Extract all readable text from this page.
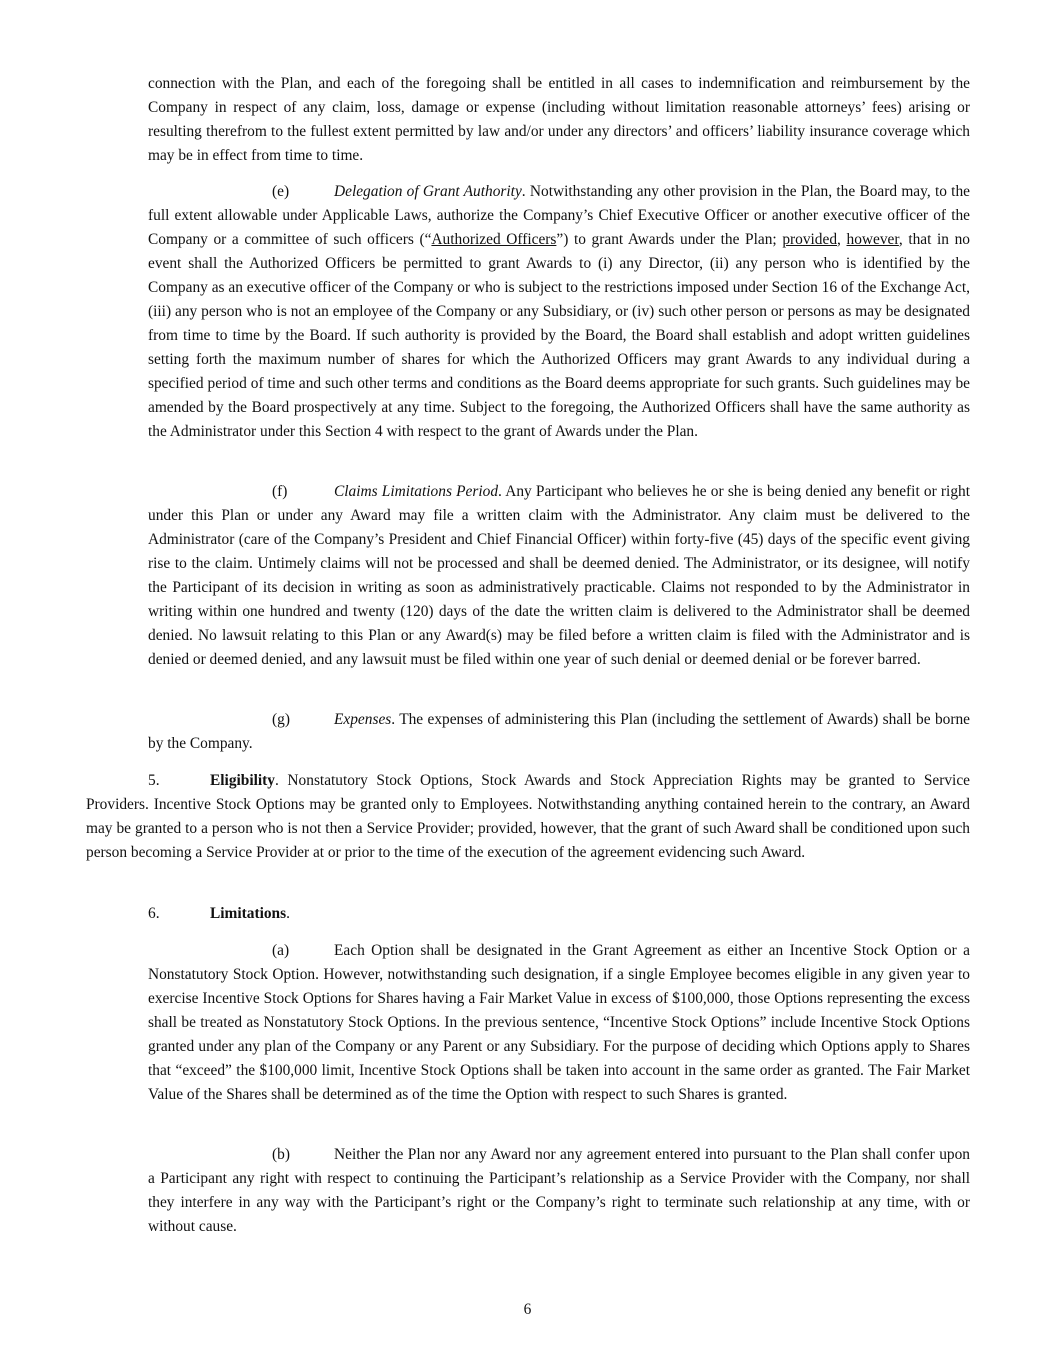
connection with the Plan, and each of the foregoing shall be entitled in all cases to indemnification and reimbursement by the Company in respect of any claim, loss, damage or expense (including without limitation reasonable attorneys’ fees) arising or resulting therefrom to the fullest extent permitted by law and/or under any directors’ and officers’ liability insurance coverage which may be in effect from time to time.

(e)	Delegation of Grant Authority. Notwithstanding any other provision in the Plan, the Board may, to the full extent allowable under Applicable Laws, authorize the Company’s Chief Executive Officer or another executive officer of the Company or a committee of such officers (“Authorized Officers”) to grant Awards under the Plan; provided, however, that in no event shall the Authorized Officers be permitted to grant Awards to (i) any Director, (ii) any person who is identified by the Company as an executive officer of the Company or who is subject to the restrictions imposed under Section 16 of the Exchange Act, (iii) any person who is not an employee of the Company or any Subsidiary, or (iv) such other person or persons as may be designated from time to time by the Board. If such authority is provided by the Board, the Board shall establish and adopt written guidelines setting forth the maximum number of shares for which the Authorized Officers may grant Awards to any individual during a specified period of time and such other terms and conditions as the Board deems appropriate for such grants. Such guidelines may be amended by the Board prospectively at any time. Subject to the foregoing, the Authorized Officers shall have the same authority as the Administrator under this Section 4 with respect to the grant of Awards under the Plan.

(f)	Claims Limitations Period. Any Participant who believes he or she is being denied any benefit or right under this Plan or under any Award may file a written claim with the Administrator. Any claim must be delivered to the Administrator (care of the Company’s President and Chief Financial Officer) within forty-five (45) days of the specific event giving rise to the claim. Untimely claims will not be processed and shall be deemed denied. The Administrator, or its designee, will notify the Participant of its decision in writing as soon as administratively practicable. Claims not responded to by the Administrator in writing within one hundred and twenty (120) days of the date the written claim is delivered to the Administrator shall be deemed denied. No lawsuit relating to this Plan or any Award(s) may be filed before a written claim is filed with the Administrator and is denied or deemed denied, and any lawsuit must be filed within one year of such denial or deemed denial or be forever barred.

(g)	Expenses. The expenses of administering this Plan (including the settlement of Awards) shall be borne by the Company.

5.	Eligibility. Nonstatutory Stock Options, Stock Awards and Stock Appreciation Rights may be granted to Service Providers. Incentive Stock Options may be granted only to Employees. Notwithstanding anything contained herein to the contrary, an Award may be granted to a person who is not then a Service Provider; provided, however, that the grant of such Award shall be conditioned upon such person becoming a Service Provider at or prior to the time of the execution of the agreement evidencing such Award.

6.	Limitations.

(a)	Each Option shall be designated in the Grant Agreement as either an Incentive Stock Option or a Nonstatutory Stock Option. However, notwithstanding such designation, if a single Employee becomes eligible in any given year to exercise Incentive Stock Options for Shares having a Fair Market Value in excess of $100,000, those Options representing the excess shall be treated as Nonstatutory Stock Options. In the previous sentence, “Incentive Stock Options” include Incentive Stock Options granted under any plan of the Company or any Parent or any Subsidiary. For the purpose of deciding which Options apply to Shares that “exceed” the $100,000 limit, Incentive Stock Options shall be taken into account in the same order as granted. The Fair Market Value of the Shares shall be determined as of the time the Option with respect to such Shares is granted.

(b)	Neither the Plan nor any Award nor any agreement entered into pursuant to the Plan shall confer upon a Participant any right with respect to continuing the Participant’s relationship as a Service Provider with the Company, nor shall they interfere in any way with the Participant’s right or the Company’s right to terminate such relationship at any time, with or without cause.

6
